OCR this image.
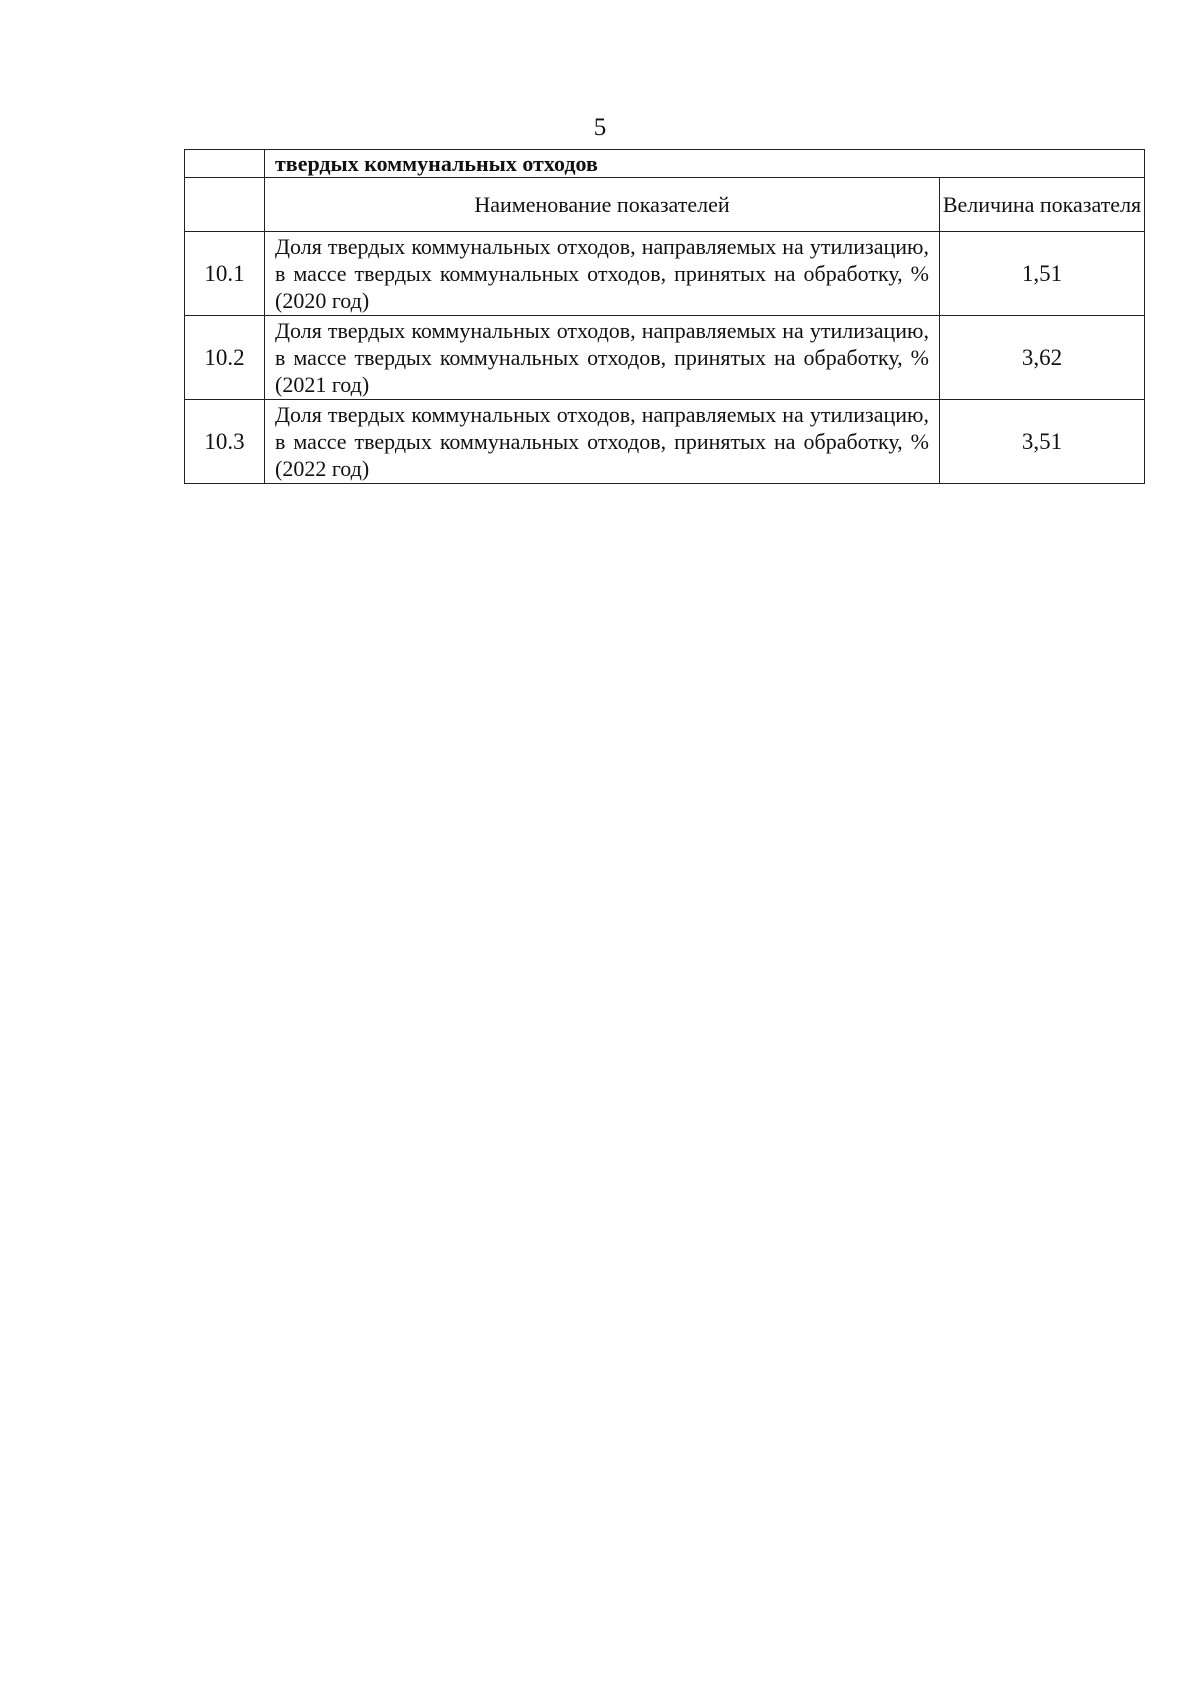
5
	твердых коммунальных отходов	
	Наименование показателей	Величина показателя
10.1	Доля твердых коммунальных отходов, направляемых на утилизацию, в массе твердых коммунальных отходов, принятых на обработку, % (2020 год)	1,51
10.2	Доля твердых коммунальных отходов, направляемых на утилизацию, в массе твердых коммунальных отходов, принятых на обработку, % (2021 год)	3,62
10.3	Доля твердых коммунальных отходов, направляемых на утилизацию, в массе твердых коммунальных отходов, принятых на обработку, % (2022 год)	3,51
